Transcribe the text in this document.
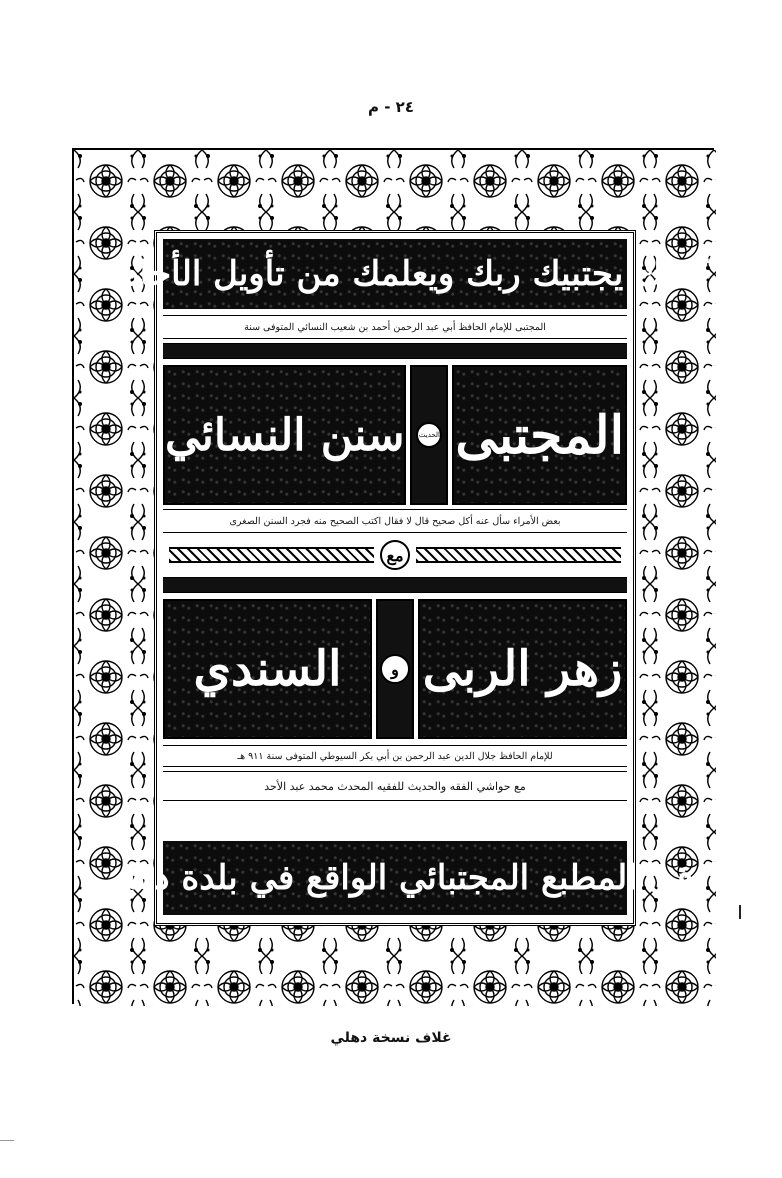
٢٤ - م
كذلك يجتبيك ربك ويعلمك من تأويل الأحاديث
المجتبى للإمام الحافظ أبي عبد الرحمن أحمد بن شعيب النسائي المتوفى سنة
المجتبى
الحديث
سنن النسائي
بعض الأمراء سأل عنه أكل صحيح قال لا فقال اكتب الصحيح منه فجرد السنن الصغرى
مع
زهر الربى
و
السندي
للإمام الحافظ جلال الدين عبد الرحمن بن أبي بكر السيوطي المتوفى سنة ٩١١ هـ
مع حواشي الفقه والحديث للفقيه المحدث محمد عبد الأحد
في المطبع المجتبائي الواقع في بلدة دهلي
غلاف نسخة دهلي
